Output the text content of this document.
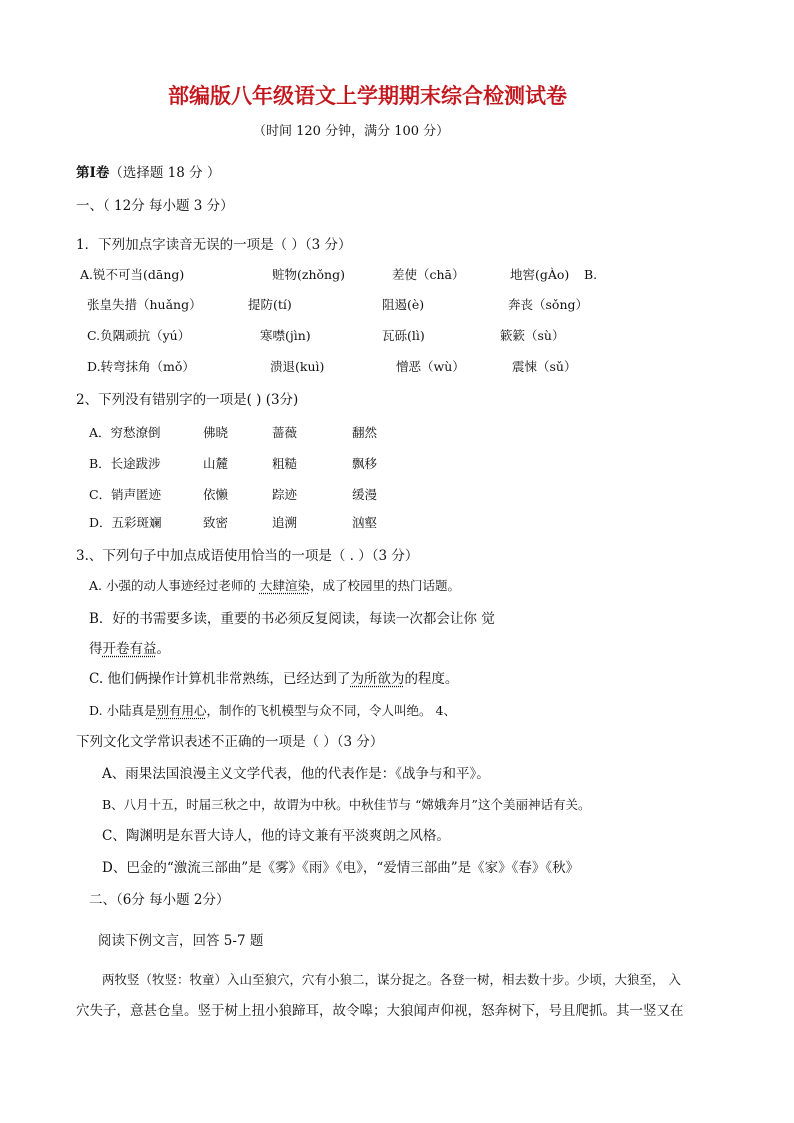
部编版八年级语文上学期期末综合检测试卷
（时间 120 分钟，满分 100 分）
第Ⅰ卷（选择题 18 分 ）
一、（ 12分 每小题 3 分）
1．下列加点字读音无误的一项是（ ）（3 分）
A.锐不可当(dāng)	赃物(zhǒng)	差使（chā）	地窖(gÀo) B.
张皇失措（huǎng）	提防(tí)	阻遏(è)	奔丧（sǒng）
C.负隅顽抗（yú）	寒噤(jìn)	瓦砾(lì)	簌簌（sù）
D.转弯抹角（mǒ）	溃退(kuì)	憎恶（wù）	震悚（sǔ）
2、下列没有错别字的一项是( ) (3分)
A．穷愁潦倒	佛晓	蔷薇	翻然
B．长途跋涉	山麓	粗糙	飘移
C．销声匿迹	依懒	踪迹	缓漫
D．五彩斑斓	致密	追溯	汹壑
3.、下列句子中加点成语使用恰当的一项是（ . ）（3 分）
A. 小强的动人事迹经过老师的 大肆渲染，成了校园里的热门话题。
B．好的书需要多读，重要的书必须反复阅读，每读一次都会让你 觉
得开卷有益。
C. 他们俩操作计算机非常熟练，已经达到了为所欲为的程度。
D. 小陆真是别有用心，制作的飞机模型与众不同，令人叫绝。 4、
下列文化文学常识表述不正确的一项是（ ）（3 分）
A、雨果法国浪漫主义文学代表，他的代表作是：《战争与和平》。
B、八月十五，时届三秋之中，故谓为中秋。中秋佳节与 “嫦娥奔月”这个美丽神话有关。
C、陶渊明是东晋大诗人，他的诗文兼有平淡爽朗之风格。
D、巴金的“激流三部曲”是《雾》《雨》《电》，“爱情三部曲”是《家》《春》《秋》
二、（6分 每小题 2分）
阅读下例文言，回答 5-7 题
两牧竖（牧竖：牧童）入山至狼穴，穴有小狼二，谋分捉之。各登一树，相去数十步。少顷，大狼至， 入
穴失子，意甚仓皇。竖于树上扭小狼蹄耳，故令嗥；大狼闻声仰视，怒奔树下，号且爬抓。其一竖又在
